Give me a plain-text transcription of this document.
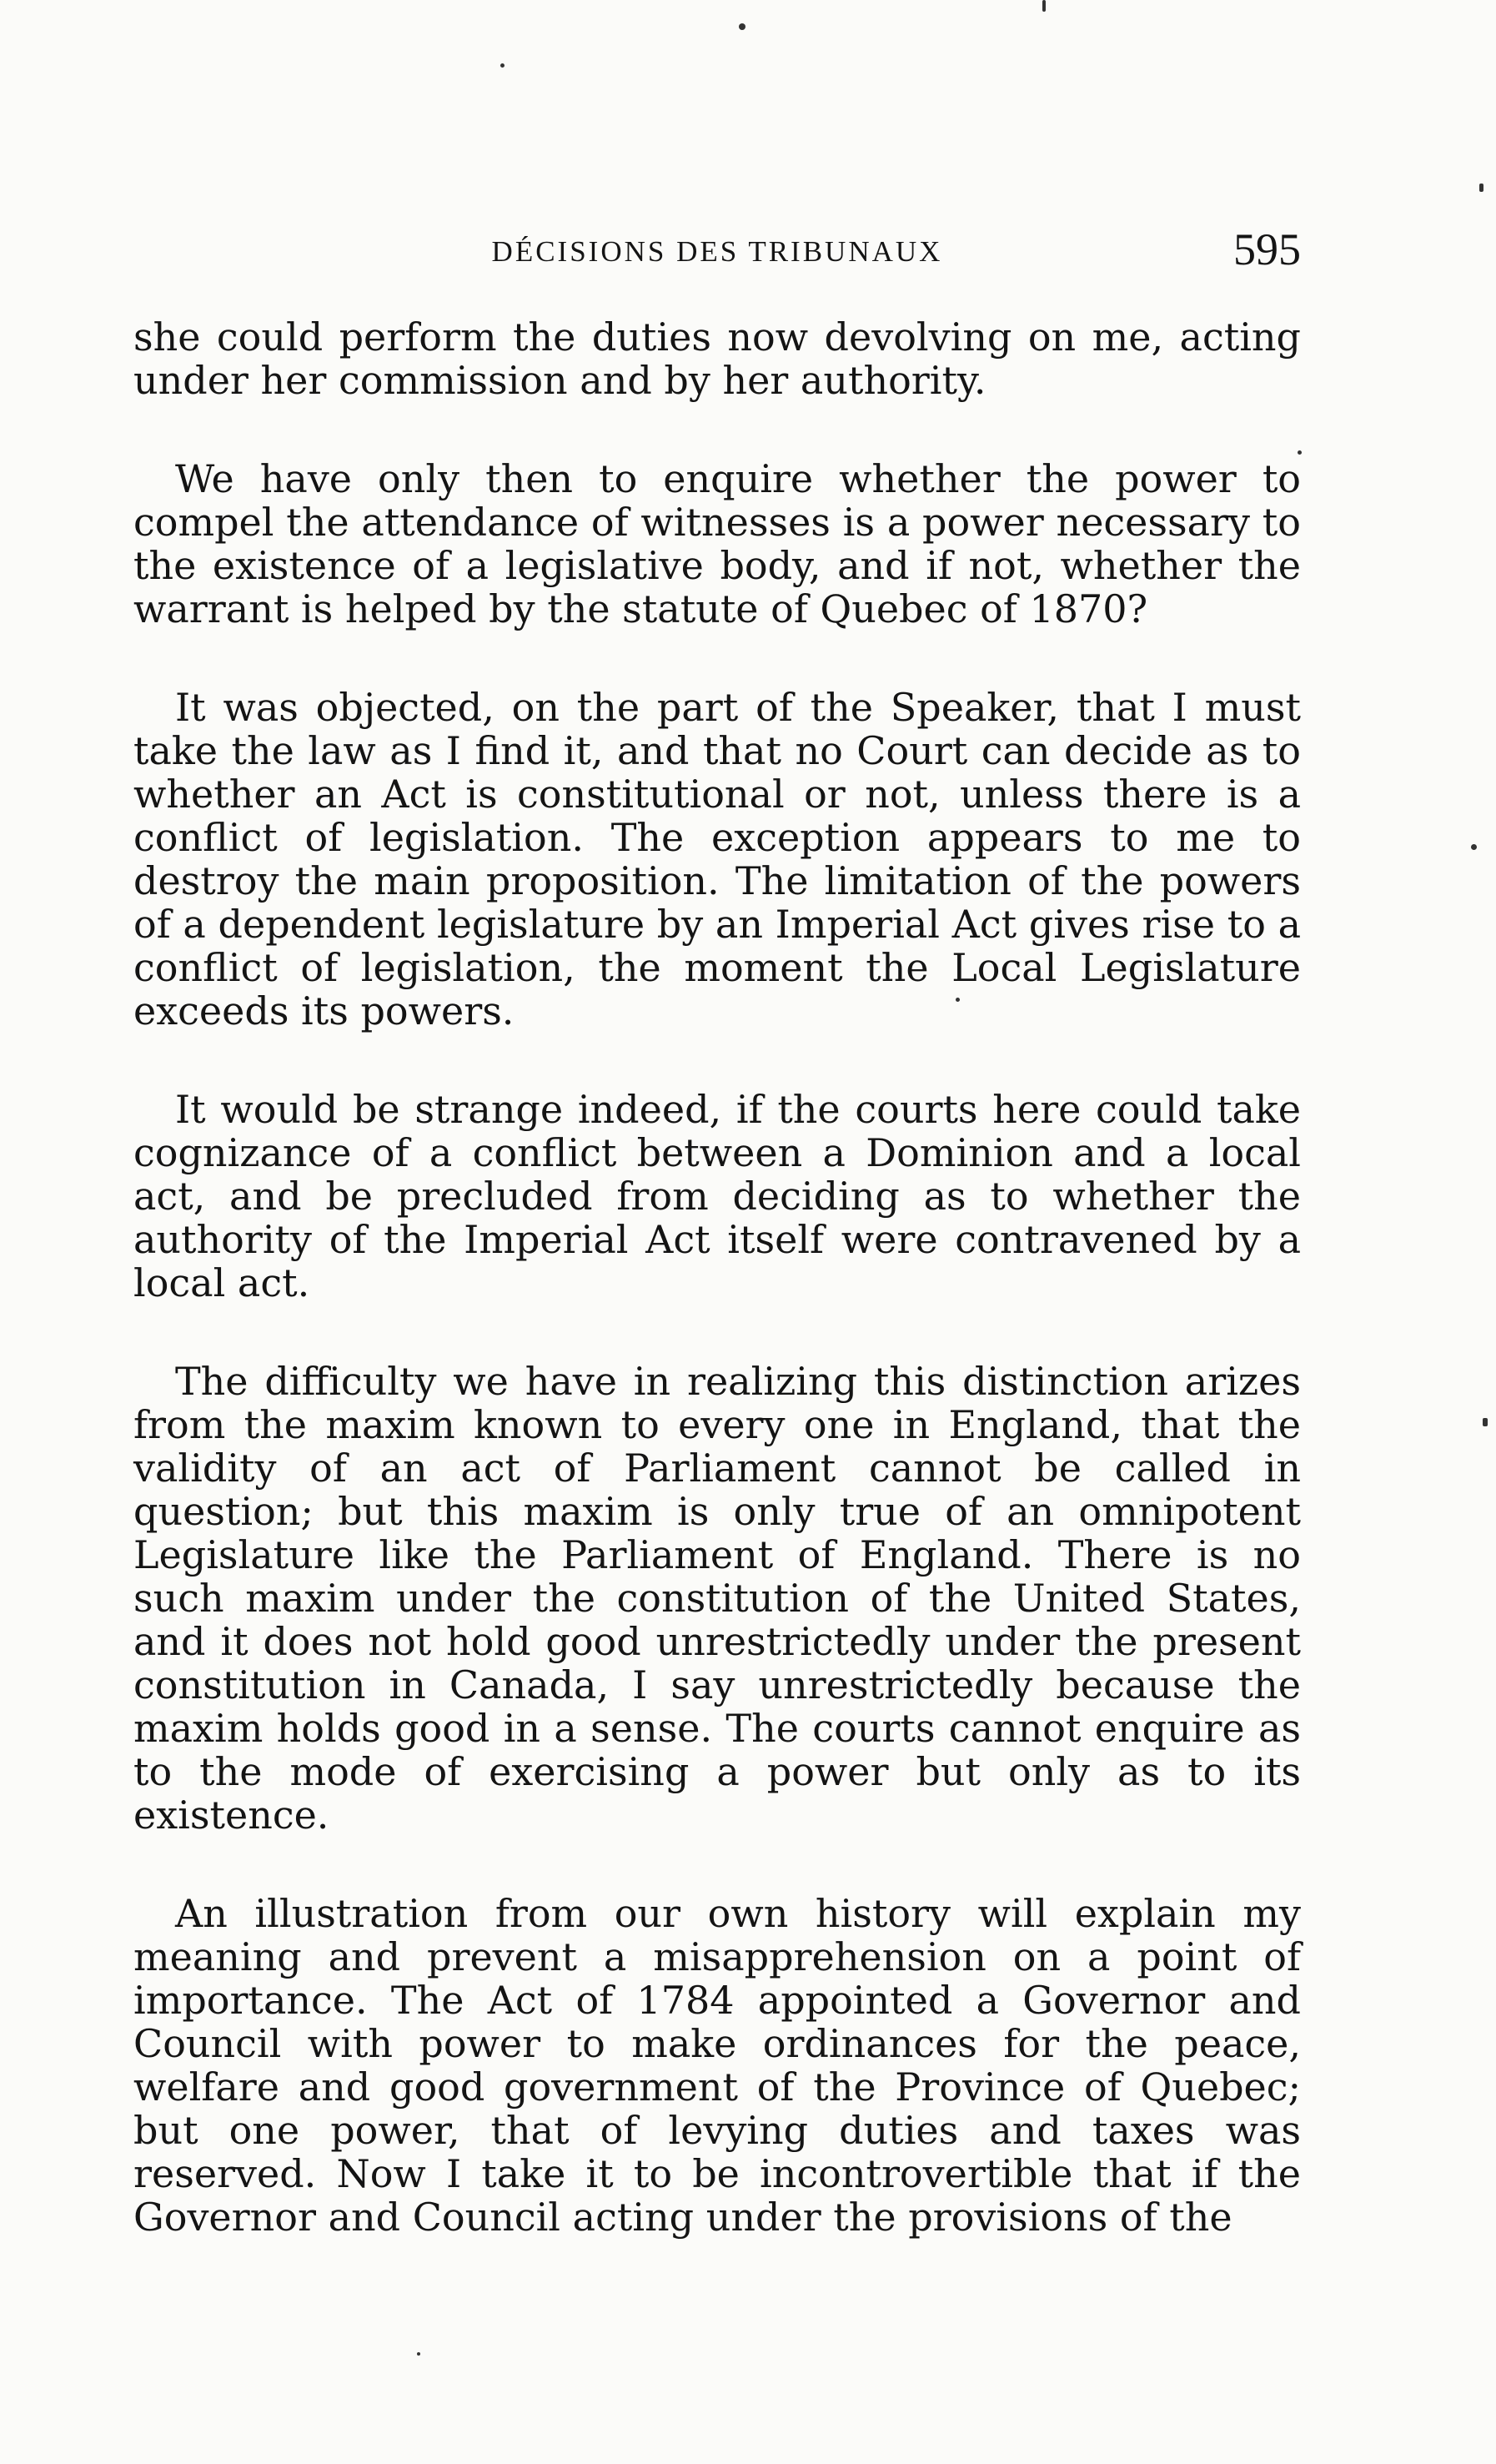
DÉCISIONS DES TRIBUNAUX	595

she could perform the duties now devolving on me, acting under her commission and by her authority.

We have only then to enquire whether the power to compel the attendance of witnesses is a power necessary to the existence of a legislative body, and if not, whether the warrant is helped by the statute of Quebec of 1870?

It was objected, on the part of the Speaker, that I must take the law as I find it, and that no Court can decide as to whether an Act is constitutional or not, unless there is a conflict of legislation. The exception appears to me to destroy the main proposition. The limitation of the powers of a dependent legislature by an Imperial Act gives rise to a conflict of legislation, the moment the Local Legislature exceeds its powers.

It would be strange indeed, if the courts here could take cognizance of a conflict between a Dominion and a local act, and be precluded from deciding as to whether the authority of the Imperial Act itself were contravened by a local act.

The difficulty we have in realizing this distinction arizes from the maxim known to every one in England, that the validity of an act of Parliament cannot be called in question; but this maxim is only true of an omnipotent Legislature like the Parliament of England. There is no such maxim under the constitution of the United States, and it does not hold good unrestrictedly under the present constitution in Canada, I say unrestrictedly because the maxim holds good in a sense. The courts cannot enquire as to the mode of exercising a power but only as to its existence.

An illustration from our own history will explain my meaning and prevent a misapprehension on a point of importance. The Act of 1784 appointed a Governor and Council with power to make ordinances for the peace, welfare and good government of the Province of Quebec; but one power, that of levying duties and taxes was reserved. Now I take it to be incontrovertible that if the Governor and Council acting under the provisions of the
